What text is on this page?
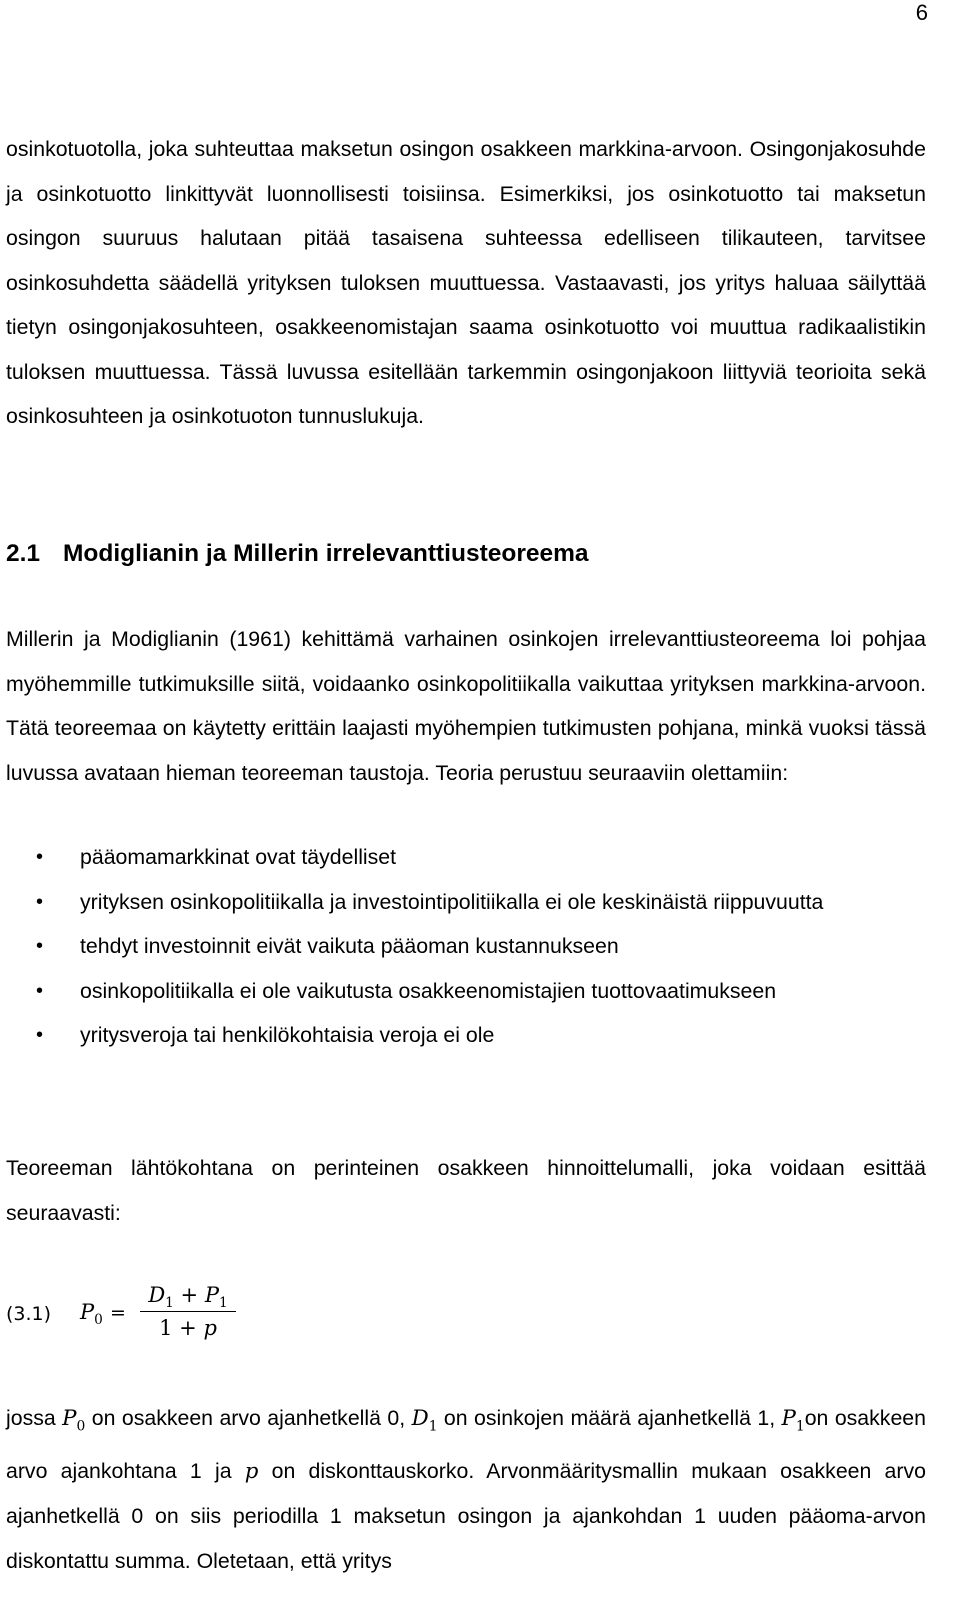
6

osinkotuotolla, joka suhteuttaa maksetun osingon osakkeen markkina-arvoon. Osingonjakosuhde ja osinkotuotto linkittyvät luonnollisesti toisiinsa. Esimerkiksi, jos osinkotuotto tai maksetun osingon suuruus halutaan pitää tasaisena suhteessa edelliseen tilikauteen, tarvitsee osinkosuhdetta säädellä yrityksen tuloksen muuttuessa. Vastaavasti, jos yritys haluaa säilyttää tietyn osingonjakosuhteen, osakkeenomistajan saama osinkotuotto voi muuttua radikaalistikin tuloksen muuttuessa. Tässä luvussa esitellään tarkemmin osingonjakoon liittyviä teorioita sekä osinkosuhteen ja osinkotuoton tunnuslukuja.

2.1 Modiglianin ja Millerin irrelevanttiusteoreema

Millerin ja Modiglianin (1961) kehittämä varhainen osinkojen irrelevanttiusteoreema loi pohjaa myöhemmille tutkimuksille siitä, voidaanko osinkopolitiikalla vaikuttaa yrityksen markkina-arvoon. Tätä teoreemaa on käytetty erittäin laajasti myöhempien tutkimusten pohjana, minkä vuoksi tässä luvussa avataan hieman teoreeman taustoja. Teoria perustuu seuraaviin olettamiin:

• pääomamarkkinat ovat täydelliset
• yrityksen osinkopolitiikalla ja investointipolitiikalla ei ole keskinäistä riippuvuutta
• tehdyt investoinnit eivät vaikuta pääoman kustannukseen
• osinkopolitiikalla ei ole vaikutusta osakkeenomistajien tuottovaatimukseen
• yritysveroja tai henkilökohtaisia veroja ei ole

Teoreeman lähtökohtana on perinteinen osakkeen hinnoittelumalli, joka voidaan esittää seuraavasti:

(3.1) $P_0$ =
$D_1 + P_1$
1 + p

jossa $P_0$ on osakkeen arvo ajanhetkellä 0, $D_1$ on osinkojen määrä ajanhetkellä 1, $P_1on$ osakkeen arvo ajankohtana 1 ja p on diskonttauskorko. Arvonmääritysmallin mukaan osakkeen arvo ajanhetkellä 0 on siis periodilla 1 maksetun osingon ja ajankohdan 1 uuden pääoma-arvon diskontattu summa. Oletetaan, että yritys
